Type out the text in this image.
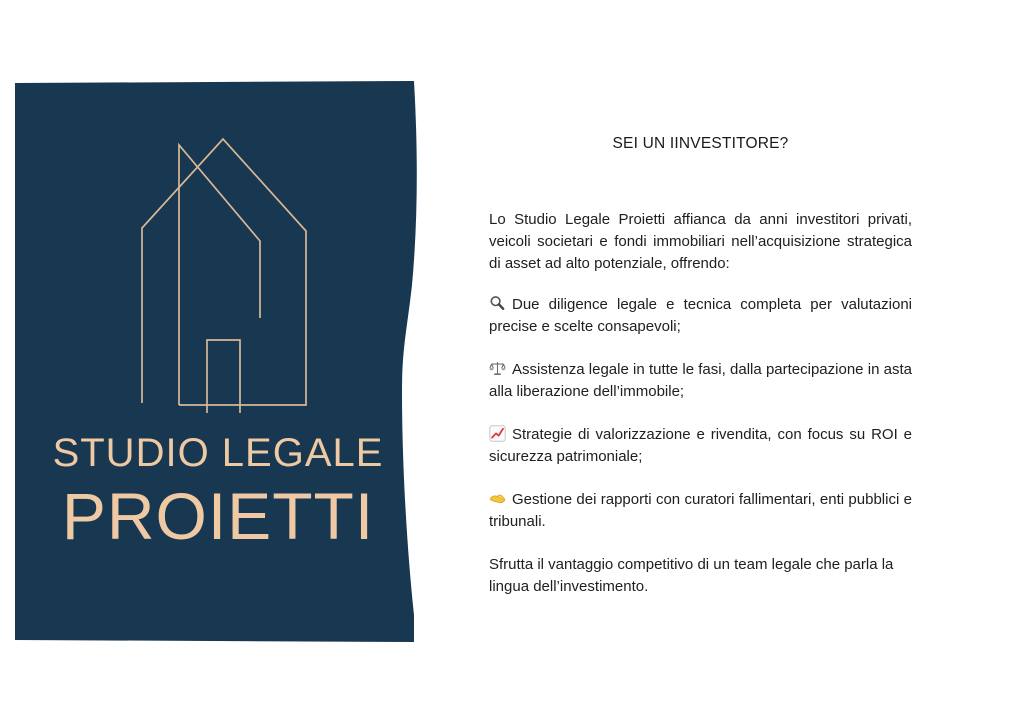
STUDIO LEGALE
PROIETTI

SEI UN IINVESTITORE?

Lo Studio Legale Proietti affianca da anni investitori privati, veicoli societari e fondi immobiliari nell’acquisizione strategica di asset ad alto potenziale, offrendo:

Due diligence legale e tecnica completa per valutazioni precise e scelte consapevoli;

Assistenza legale in tutte le fasi, dalla partecipazione in asta alla liberazione dell’immobile;

Strategie di valorizzazione e rivendita, con focus su ROI e sicurezza patrimoniale;

Gestione dei rapporti con curatori fallimentari, enti pubblici e tribunali.

Sfrutta il vantaggio competitivo di un team legale che parla la lingua dell’investimento.
